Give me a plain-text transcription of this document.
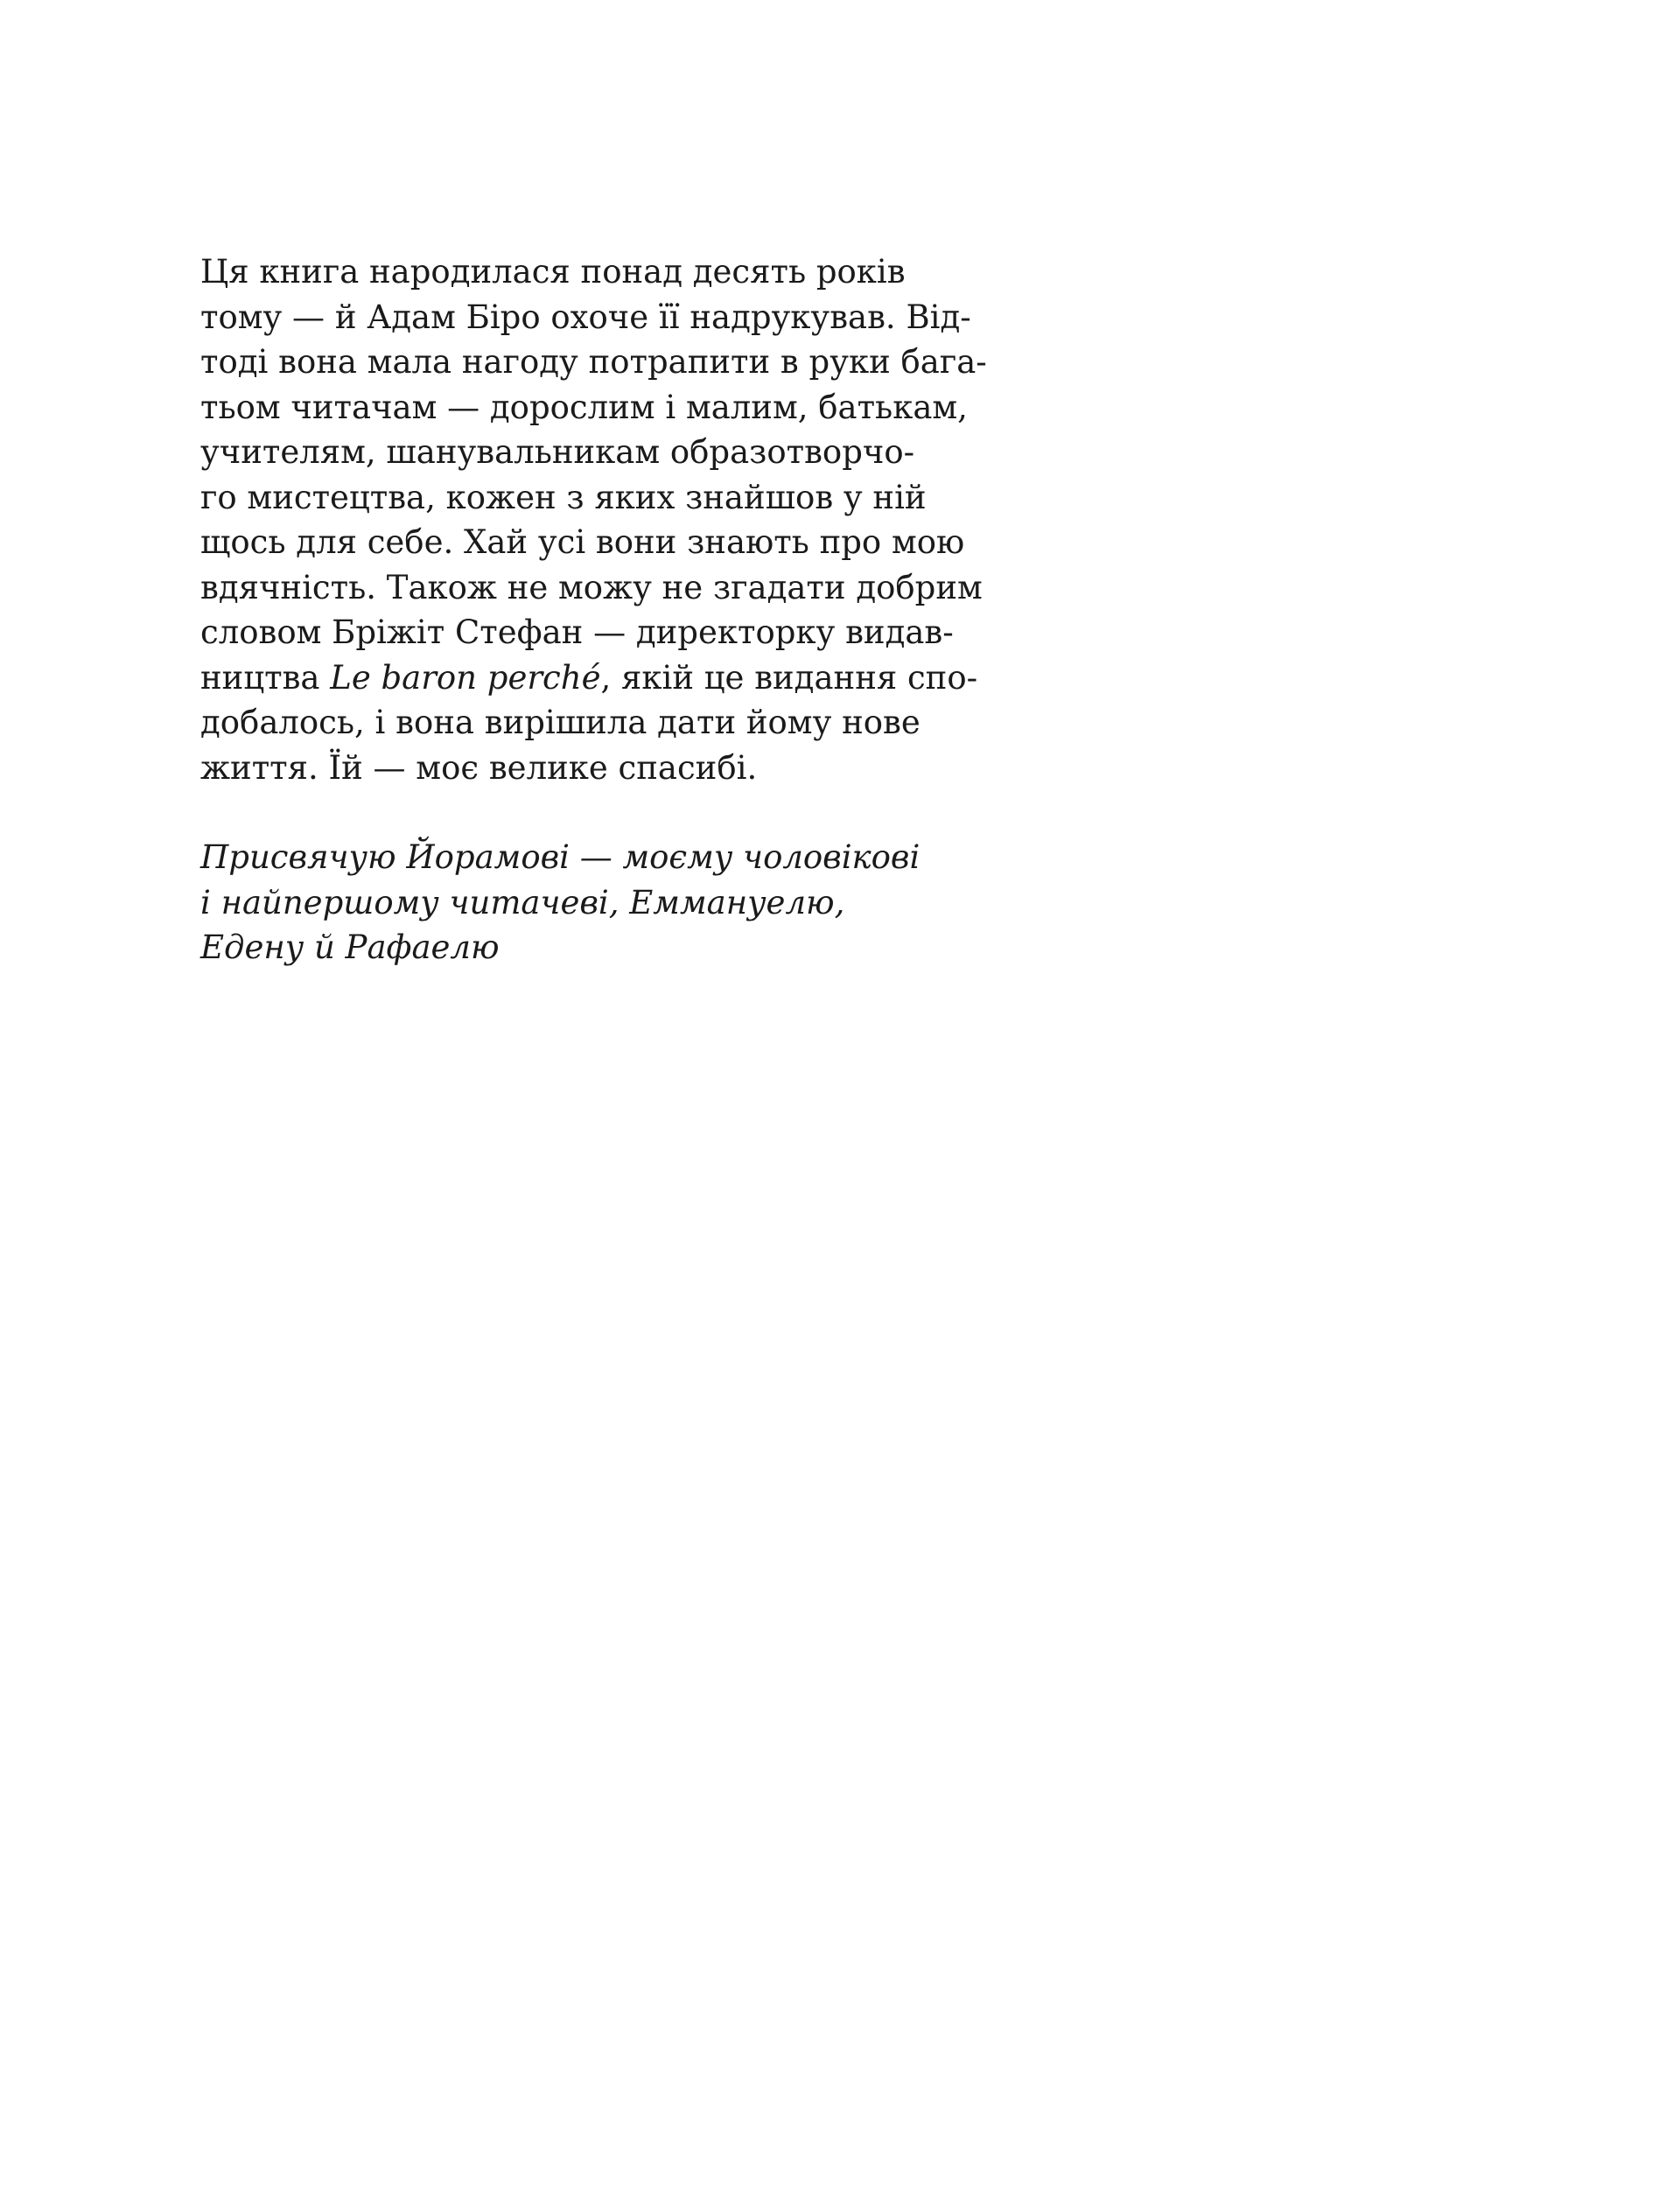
Ця книга народилася понад десять років
тому — й Адам Біро охоче її надрукував. Від-
тоді вона мала нагоду потрапити в руки бага-
тьом читачам — дорослим і малим, батькам,
учителям, шанувальникам образотворчо-
го мистецтва, кожен з яких знайшов у ній
щось для себе. Хай усі вони знають про мою
вдячність. Також не можу не згадати добрим
словом Бріжіт Стефан — директорку видав-
ництва Le baron perché, якій це видання спо-
добалось, і вона вирішила дати йому нове
життя. Їй — моє велике спасибі.
Присвячую Йорамові — моєму чоловікові
і найпершому читачеві, Еммануелю,
Едену й Рафаелю
